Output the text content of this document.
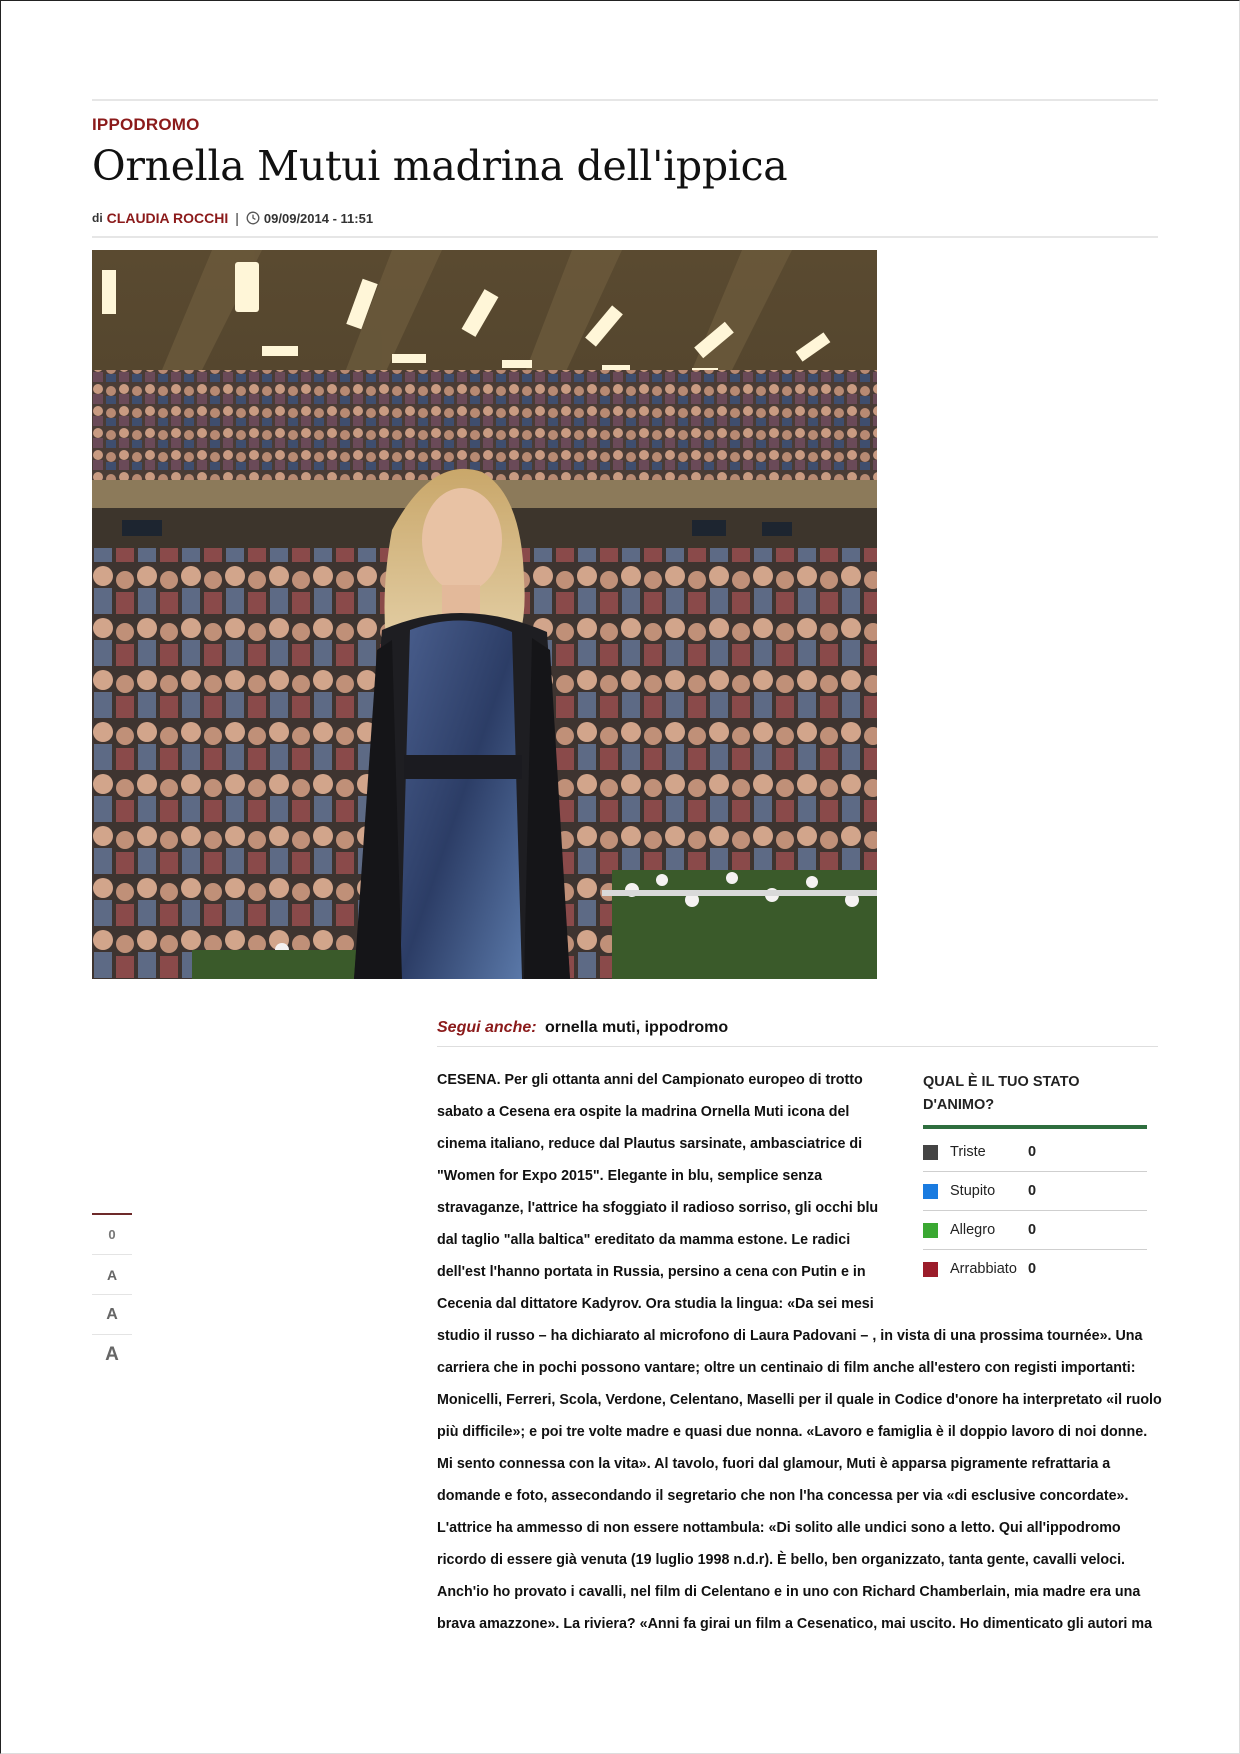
IPPODROMO
Ornella Mutui madrina dell'ippica
di CLAUDIA ROCCHI | 09/09/2014 - 11:51
Segui anche: ornella muti, ippodromo
CESENA. Per gli ottanta anni del Campionato europeo di trotto sabato a Cesena era ospite la madrina Ornella Muti icona del cinema italiano, reduce dal Plautus sarsinate, ambasciatrice di "Women for Expo 2015". Elegante in blu, semplice senza stravaganze, l'attrice ha sfoggiato il radioso sorriso, gli occhi blu dal taglio "alla baltica" ereditato da mamma estone. Le radici dell'est l'hanno portata in Russia, persino a cena con Putin e in Cecenia dal dittatore Kadyrov. Ora studia la lingua: «Da sei mesi studio il russo – ha dichiarato al microfono di Laura Padovani – , in vista di una prossima tournée». Una carriera che in pochi possono vantare; oltre un centinaio di film anche all'estero con registi importanti: Monicelli, Ferreri, Scola, Verdone, Celentano, Maselli per il quale in Codice d'onore ha interpretato «il ruolo più difficile»; e poi tre volte madre e quasi due nonna. «Lavoro e famiglia è il doppio lavoro di noi donne. Mi sento connessa con la vita». Al tavolo, fuori dal glamour, Muti è apparsa pigramente refrattaria a domande e foto, assecondando il segretario che non l'ha concessa per via «di esclusive concordate». L'attrice ha ammesso di non essere nottambula: «Di solito alle undici sono a letto. Qui all'ippodromo ricordo di essere già venuta (19 luglio 1998 n.d.r). È bello, ben organizzato, tanta gente, cavalli veloci. Anch'io ho provato i cavalli, nel film di Celentano e in uno con Richard Chamberlain, mia madre era una brava amazzone». La riviera? «Anni fa girai un film a Cesenatico, mai uscito. Ho dimenticato gli autori ma
QUAL È IL TUO STATO D'ANIMO?
Triste	0
Stupito	0
Allegro	0
Arrabbiato 0
0
A
A
A
